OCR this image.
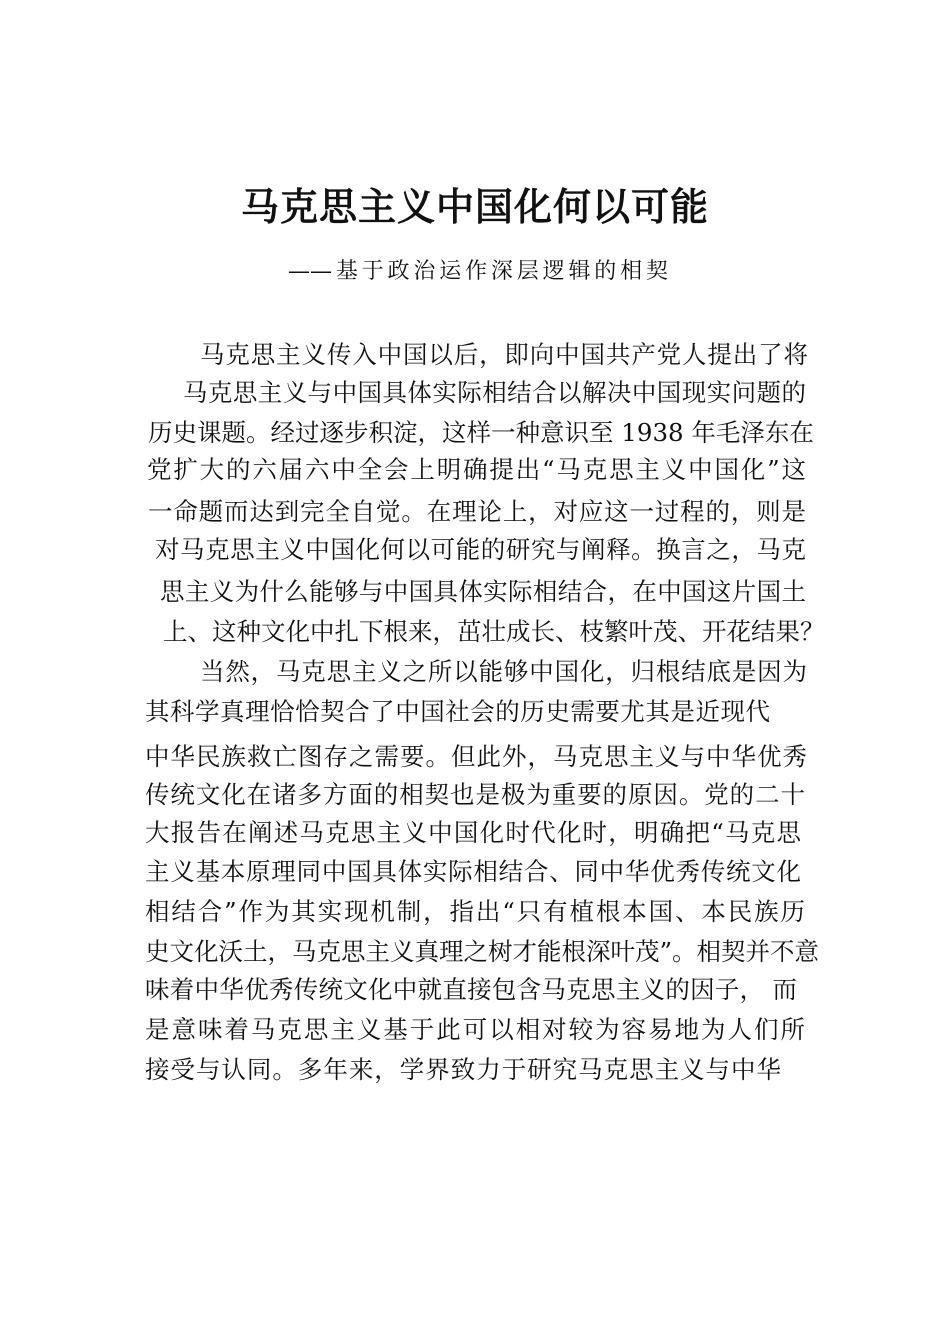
马克思主义中国化何以可能
——基于政治运作深层逻辑的相契
马克思主义传入中国以后，即向中国共产党人提出了将
马克思主义与中国具体实际相结合以解决中国现实问题的
历史课题。经过逐步积淀，这样一种意识至 1938 年毛泽东在
党扩大的六届六中全会上明确提出“马克思主义中国化”这
一命题而达到完全自觉。在理论上，对应这一过程的，则是
对马克思主义中国化何以可能的研究与阐释。换言之，马克
思主义为什么能够与中国具体实际相结合，在中国这片国土
上、这种文化中扎下根来，茁壮成长、枝繁叶茂、开花结果？
当然，马克思主义之所以能够中国化，归根结底是因为
其科学真理恰恰契合了中国社会的历史需要尤其是近现代
中华民族救亡图存之需要。但此外，马克思主义与中华优秀
传统文化在诸多方面的相契也是极为重要的原因。党的二十
大报告在阐述马克思主义中国化时代化时，明确把“马克思
主义基本原理同中国具体实际相结合、同中华优秀传统文化
相结合”作为其实现机制，指出“只有植根本国、本民族历
史文化沃土，马克思主义真理之树才能根深叶茂”。相契并不意
味着中华优秀传统文化中就直接包含马克思主义的因子， 而
是意味着马克思主义基于此可以相对较为容易地为人们所
接受与认同。多年来，学界致力于研究马克思主义与中华
